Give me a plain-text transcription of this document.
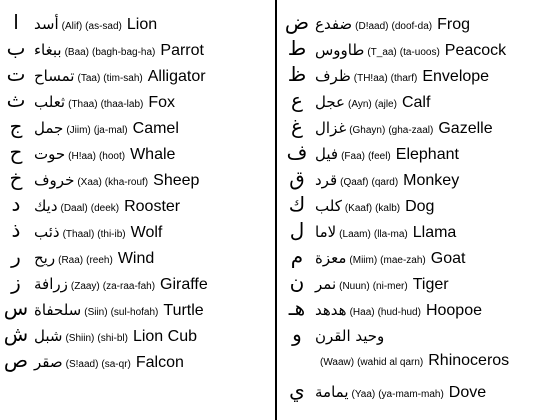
ا أسد (Alif) (as-sad) Lion
ب ببغاء (Baa) (bagh-bag-ha) Parrot
ت تمساح (Taa) (tim-sah) Alligator
ث ثعلب (Thaa) (thaa-lab) Fox
ج جمل (Jiim) (ja-mal) Camel
ح حوت (H!aa) (hoot) Whale
خ خروف (Xaa) (kha-rouf) Sheep
د ديك (Daal) (deek) Rooster
ذ ذئب (Thaal) (thi-ib) Wolf
ر ريح (Raa) (reeh) Wind
ز زرافة (Zaay) (za-raa-fah) Giraffe
س سلحفاة (Siin) (sul-hofah) Turtle
ش شبل (Shiin) (shi-bl) Lion Cub
ص صقر (S!aad) (sa-qr) Falcon
ض ضفدع (D!aad) (doof-da) Frog
ط طاووس (T_aa) (ta-uoos) Peacock
ظ ظرف (TH!aa) (tharf) Envelope
ع عجل (Ayn) (ajle) Calf
غ غزال (Ghayn) (gha-zaal) Gazelle
ف فيل (Faa) (feel) Elephant
ق قرد (Qaaf) (qard) Monkey
ك كلب (Kaaf) (kalb) Dog
ل لاما (Laam) (lla-ma) Llama
م معزة (Miim) (mae-zah) Goat
ن نمر (Nuun) (ni-mer) Tiger
هـ هدهد (Haa) (hud-hud) Hoopoe
و وحيد القرن
(Waaw) (wahid al qarn) Rhinoceros
ي يمامة (Yaa) (ya-mam-mah) Dove
